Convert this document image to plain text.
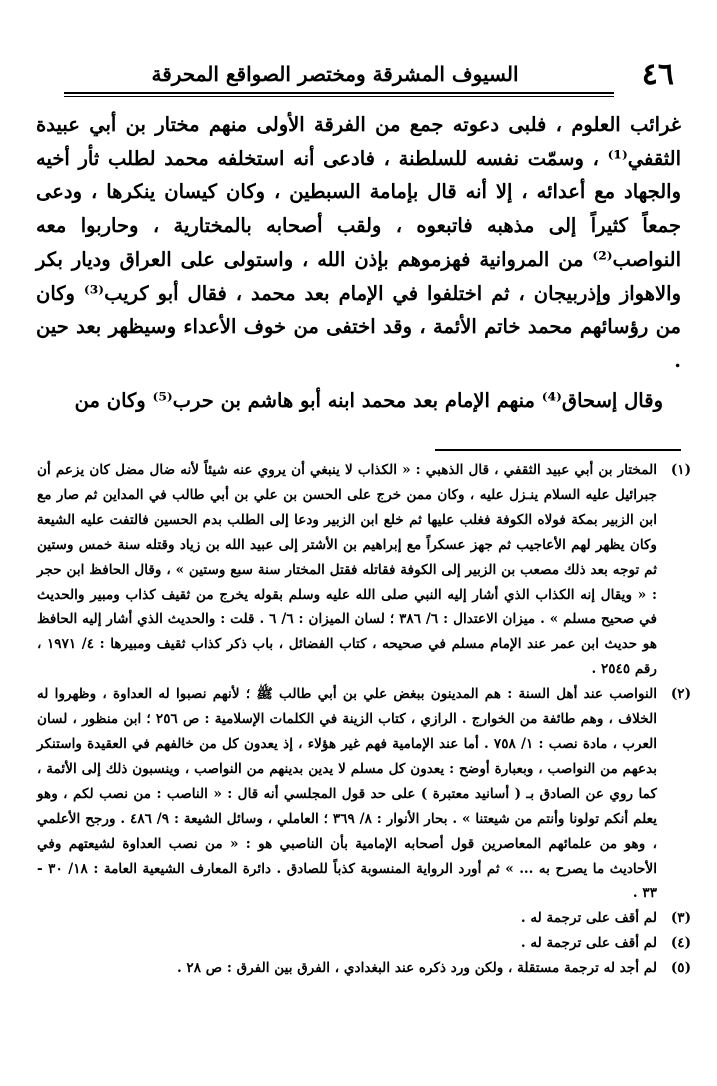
٤٦
السيوف المشرقة ومختصر الصواقع المحرقة

غرائب العلوم ، فلبى دعوته جمع من الفرقة الأولى منهم مختار بن أبي عبيدة الثقفي⁽¹⁾ ، وسمّت نفسه للسلطنة ، فادعى أنه استخلفه محمد لطلب ثأر أخيه والجهاد مع أعدائه ، إلا أنه قال بإمامة السبطين ، وكان كيسان ينكرها ، ودعى جمعاً كثيراً إلى مذهبه فاتبعوه ، ولقب أصحابه بالمختارية ، وحاربوا معه النواصب⁽²⁾ من المروانية فهزموهم بإذن الله ، واستولى على العراق وديار بكر والاهواز وإذربيجان ، ثم اختلفوا في الإمام بعد محمد ، فقال أبو كريب⁽³⁾ وكان من رؤسائهم محمد خاتم الأئمة ، وقد اختفى من خوف الأعداء وسيظهر بعد حين .

وقال إسحاق⁽⁴⁾ منهم الإمام بعد محمد ابنه أبو هاشم بن حرب⁽⁵⁾ وكان من

(١)
المختار بن أبي عبيد الثقفي ، قال الذهبي : « الكذاب لا ينبغي أن يروي عنه شيئاً لأنه ضال مضل كان يزعم أن جبرائيل عليه السلام ينـزل عليه ، وكان ممن خرج على الحسن بن علي بن أبي طالب في المداين ثم صار مع ابن الزبير بمكة فولاه الكوفة فغلب عليها ثم خلع ابن الزبير ودعا إلى الطلب بدم الحسين فالتفت عليه الشيعة وكان يظهر لهم الأعاجيب ثم جهز عسكراً مع إبراهيم بن الأشتر إلى عبيد الله بن زياد وقتله سنة خمس وستين ثم توجه بعد ذلك مصعب بن الزبير إلى الكوفة فقاتله فقتل المختار سنة سبع وستين » ، وقال الحافظ ابن حجر : « ويقال إنه الكذاب الذي أشار إليه النبي صلى الله عليه وسلم بقوله يخرج من ثقيف كذاب ومبير والحديث في صحيح مسلم » . ميزان الاعتدال : ٦/ ٣٨٦ ؛ لسان الميزان : ٦/ ٦ . قلت : والحديث الذي أشار إليه الحافظ هو حديث ابن عمر عند الإمام مسلم في صحيحه ، كتاب الفضائل ، باب ذكر كذاب ثقيف ومبيرها : ٤/ ١٩٧١ ، رقم ٢٥٤٥ .
(٢)
النواصب عند أهل السنة : هم المدينون ببغض علي بن أبي طالب ﷺ ؛ لأنهم نصبوا له العداوة ، وظهروا له الخلاف ، وهم طائفة من الخوارج . الرازي ، كتاب الزينة في الكلمات الإسلامية : ص ٢٥٦ ؛ ابن منظور ، لسان العرب ، مادة نصب : ١/ ٧٥٨ . أما عند الإمامية فهم غير هؤلاء ، إذ يعدون كل من خالفهم في العقيدة واستنكر بدعهم من النواصب ، وبعبارة أوضح : يعدون كل مسلم لا يدين بدينهم من النواصب ، وينسبون ذلك إلى الأئمة ، كما روي عن الصادق بـ ( أسانيد معتبرة ) على حد قول المجلسي أنه قال : « الناصب : من نصب لكم ، وهو يعلم أنكم تولونا وأنتم من شيعتنا » . بحار الأنوار : ٨/ ٣٦٩ ؛ العاملي ، وسائل الشيعة : ٩/ ٤٨٦ . ورجح الأعلمي ، وهو من علمائهم المعاصرين قول أصحابه الإمامية بأن الناصبي هو : « من نصب العداوة لشيعتهم وفي الأحاديث ما يصرح به ... » ثم أورد الرواية المنسوبة كذباً للصادق . دائرة المعارف الشيعية العامة : ١٨/ ٣٠ - ٣٣ .
(٣)
لم أقف على ترجمة له .
(٤)
لم أقف على ترجمة له .
(٥)
لم أجد له ترجمة مستقلة ، ولكن ورد ذكره عند البغدادي ، الفرق بين الفرق : ص ٢٨ .
